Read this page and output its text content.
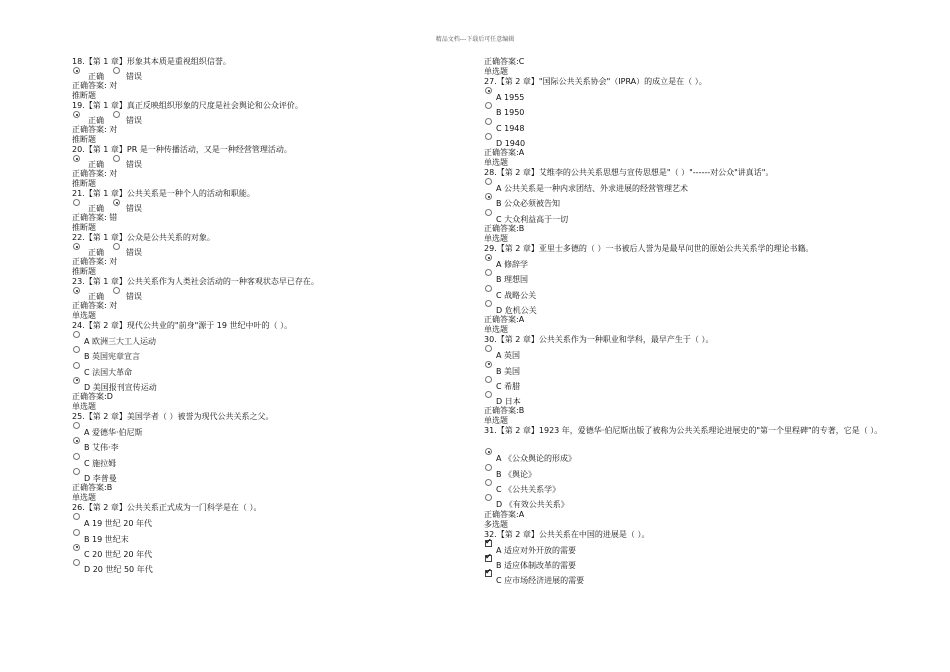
精品文档---下载后可任意编辑
18.【第 1 章】形象其本质是重视组织信誉。
正确	错误
正确答案: 对
推断题
19.【第 1 章】真正反映组织形象的尺度是社会舆论和公众评价。
正确	错误
正确答案: 对
推断题
20.【第 1 章】PR 是一种传播活动，又是一种经营管理活动。
正确	错误
正确答案: 对
推断题
21.【第 1 章】公共关系是一种个人的活动和职能。
正确	错误
正确答案: 错
推断题
22.【第 1 章】公众是公共关系的对象。
正确	错误
正确答案: 对
推断题
23.【第 1 章】公共关系作为人类社会活动的一种客观状态早已存在。
正确	错误
正确答案: 对
单选题
24.【第 2 章】现代公共业的"前身"源于 19 世纪中叶的（ ）。
A 欧洲三大工人运动
B 英国宪章宣言
C 法国大革命
D 美国报刊宣传运动
正确答案:D
单选题
25.【第 2 章】美国学者（ ）被誉为现代公共关系之父。
A 爱德华·伯尼斯
B 艾伟·李
C 施拉姆
D 李普曼
正确答案:B
单选题
26.【第 2 章】公共关系正式成为一门科学是在（ ）。
A 19 世纪 20 年代
B 19 世纪末
C 20 世纪 20 年代
D 20 世纪 50 年代
正确答案:C
单选题
27.【第 2 章】"国际公共关系协会"（IPRA）的成立是在（ ）。
A 1955
B 1950
C 1948
D 1940
正确答案:A
单选题
28.【第 2 章】艾维李的公共关系思想与宣传思想是"（ ）"------对公众"讲真话"。
A 公共关系是一种内求团结、外求进展的经营管理艺术
B 公众必须被告知
C 大众利益高于一切
正确答案:B
单选题
29.【第 2 章】亚里士多德的（ ）一书被后人誉为是最早问世的原始公共关系学的理论书籍。
A 修辞学
B 理想国
C 战略公关
D 危机公关
正确答案:A
单选题
30.【第 2 章】公共关系作为一种职业和学科，最早产生于（ ）。
A 英国
B 美国
C 希腊
D 日本
正确答案:B
单选题
31.【第 2 章】1923 年，爱德华·伯尼斯出版了被称为公共关系理论进展史的"第一个里程碑"的专著，它是（ ）。
A 《公众舆论的形成》
B 《舆论》
C 《公共关系学》
D 《有效公共关系》
正确答案:A
多选题
32.【第 2 章】公共关系在中国的进展是（ ）。
✔
A 适应对外开放的需要
✔
B 适应体制改革的需要
✔
C 应市场经济进展的需要
